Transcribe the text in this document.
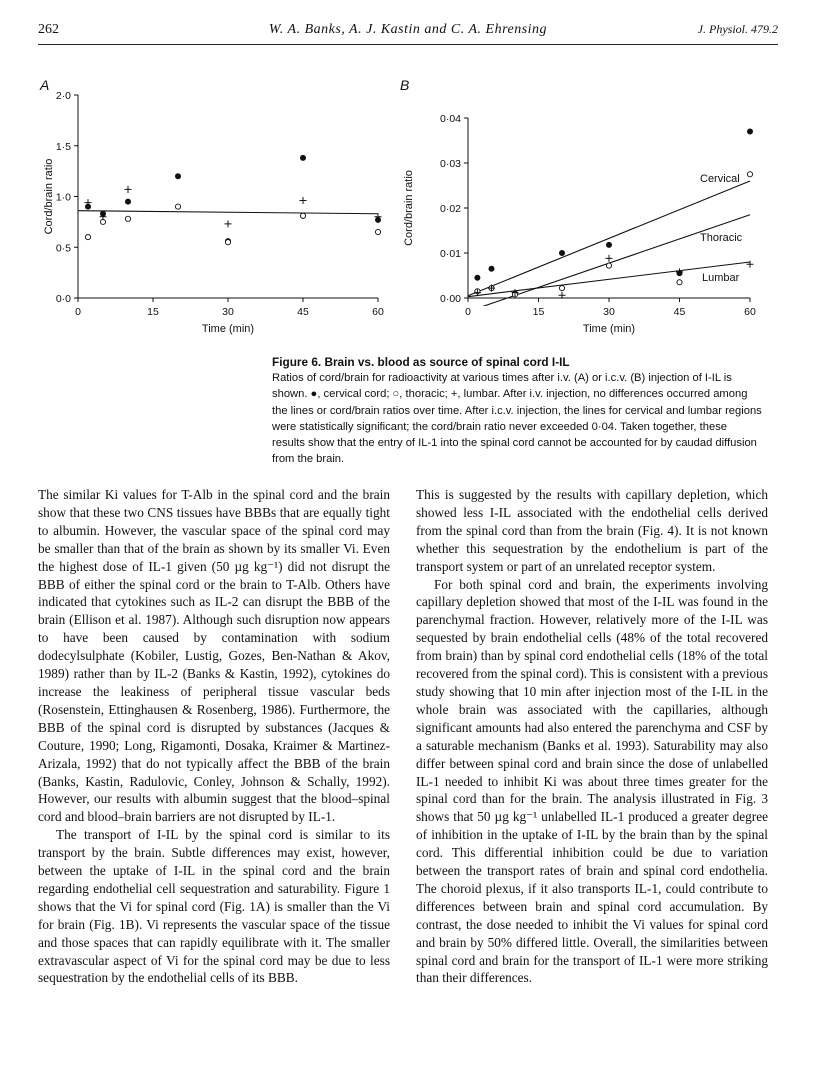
262	W. A. Banks, A. J. Kastin and C. A. Ehrensing	J. Physiol. 479.2
A
0·0
0·5
1·0
1·5
2·0
0	15	30	45	60
Time (min)
Cord/brain ratio
B
0·00
0·01
0·02
0·03
0·04
0	15	30	45	60
Time (min)
Cord/brain ratio	Cervical
Thoracic
Lumbar
Figure 6. Brain vs. blood as source of spinal cord I-IL
Ratios of cord/brain for radioactivity at various times after i.v. (A) or i.c.v. (B) injection of I-IL is shown. ●, cervical cord; ○, thoracic; +, lumbar. After i.v. injection, no differences occurred among the lines or cord/brain ratios over time. After i.c.v. injection, the lines for cervical and lumbar regions were statistically significant; the cord/brain ratio never exceeded 0·04. Taken together, these results show that the entry of IL-1 into the spinal cord cannot be accounted for by caudad diffusion from the brain.

The similar Ki values for T-Alb in the spinal cord and the brain show that these two CNS tissues have BBBs that are equally tight to albumin. However, the vascular space of the spinal cord may be smaller than that of the brain as shown by its smaller Vi. Even the highest dose of IL-1 given (50 µg kg⁻¹) did not disrupt the BBB of either the spinal cord or the brain to T-Alb. Others have indicated that cytokines such as IL-2 can disrupt the BBB of the brain (Ellison et al. 1987). Although such disruption now appears to have been caused by contamination with sodium dodecylsulphate (Kobiler, Lustig, Gozes, Ben-Nathan & Akov, 1989) rather than by IL-2 (Banks & Kastin, 1992), cytokines do increase the leakiness of peripheral tissue vascular beds (Rosenstein, Ettinghausen & Rosenberg, 1986). Furthermore, the BBB of the spinal cord is disrupted by substances (Jacques & Couture, 1990; Long, Rigamonti, Dosaka, Kraimer & Martinez-Arizala, 1992) that do not typically affect the BBB of the brain (Banks, Kastin, Radulovic, Conley, Johnson & Schally, 1992). However, our results with albumin suggest that the blood–spinal cord and blood–brain barriers are not disrupted by IL-1.

The transport of I-IL by the spinal cord is similar to its transport by the brain. Subtle differences may exist, however, between the uptake of I-IL in the spinal cord and the brain regarding endothelial cell sequestration and saturability. Figure 1 shows that the Vi for spinal cord (Fig. 1A) is smaller than the Vi for brain (Fig. 1B). Vi represents the vascular space of the tissue and those spaces that can rapidly equilibrate with it. The smaller extravascular aspect of Vi for the spinal cord may be due to less sequestration by the endothelial cells of its BBB.

This is suggested by the results with capillary depletion, which showed less I-IL associated with the endothelial cells derived from the spinal cord than from the brain (Fig. 4). It is not known whether this sequestration by the endothelium is part of the transport system or part of an unrelated receptor system.

For both spinal cord and brain, the experiments involving capillary depletion showed that most of the I-IL was found in the parenchymal fraction. However, relatively more of the I-IL was sequested by brain endothelial cells (48% of the total recovered from brain) than by spinal cord endothelial cells (18% of the total recovered from the spinal cord). This is consistent with a previous study showing that 10 min after injection most of the I-IL in the whole brain was associated with the capillaries, although significant amounts had also entered the parenchyma and CSF by a saturable mechanism (Banks et al. 1993). Saturability may also differ between spinal cord and brain since the dose of unlabelled IL-1 needed to inhibit Ki was about three times greater for the spinal cord than for the brain. The analysis illustrated in Fig. 3 shows that 50 µg kg⁻¹ unlabelled IL-1 produced a greater degree of inhibition in the uptake of I-IL by the brain than by the spinal cord. This differential inhibition could be due to variation between the transport rates of brain and spinal cord endothelia. The choroid plexus, if it also transports IL-1, could contribute to differences between brain and spinal cord accumulation. By contrast, the dose needed to inhibit the Vi values for spinal cord and brain by 50% differed little. Overall, the similarities between spinal cord and brain for the transport of IL-1 were more striking than their differences.
